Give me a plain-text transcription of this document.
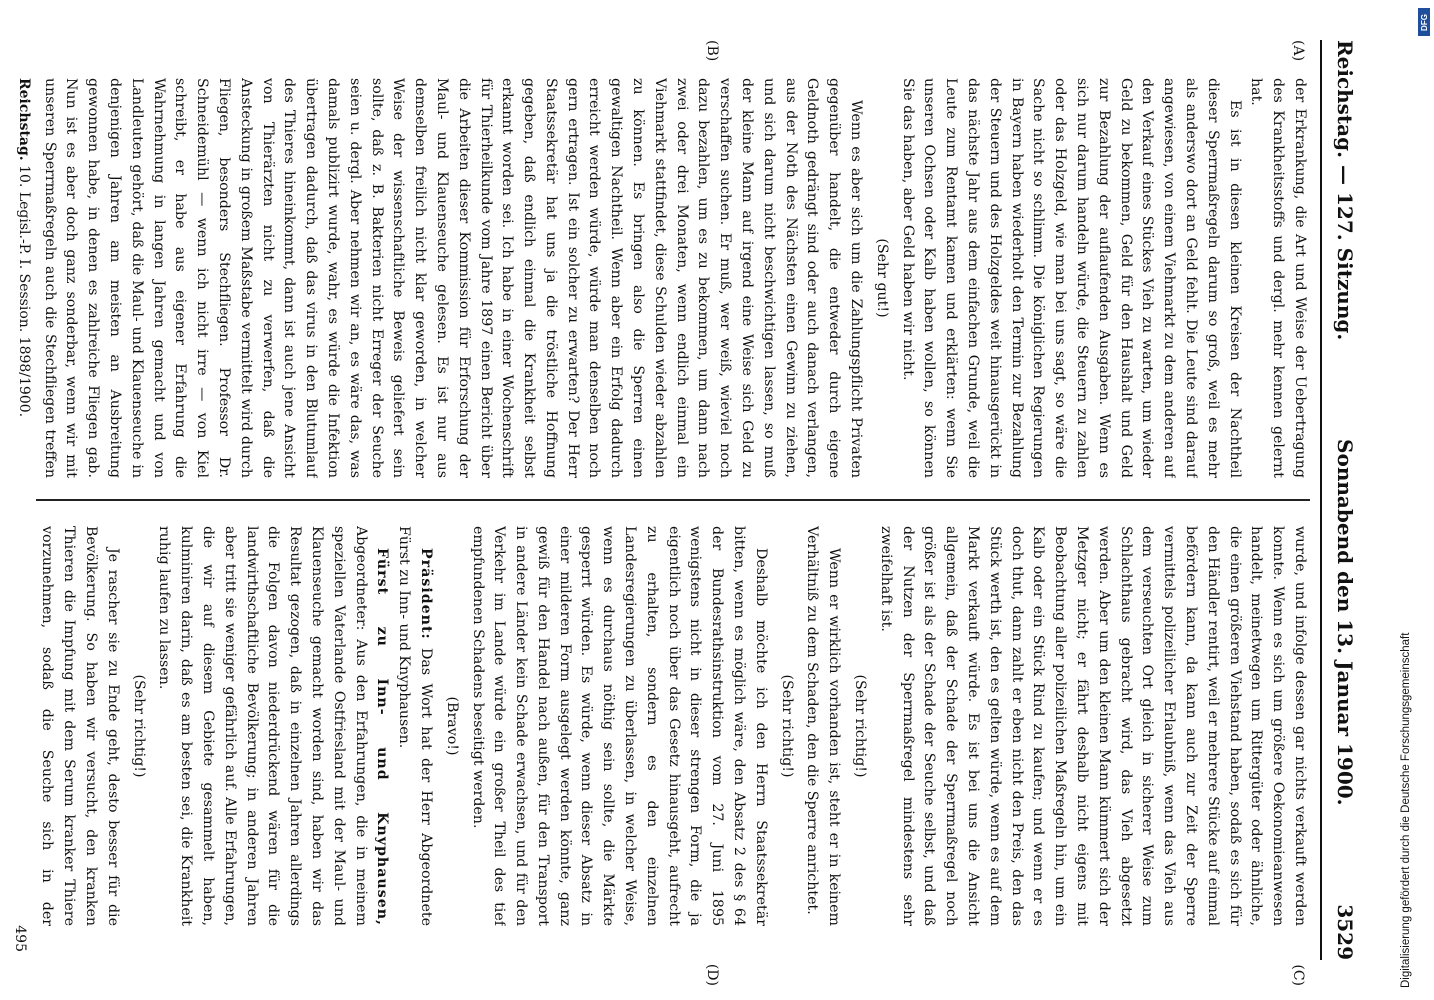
Reichstag. — 127. Sitzung.
Sonnabend den 13. Januar 1900.
3529
(A)
(B)
(C)
(D)

der Erkrankung, die Art und Weise der Uebertragung des Krankheitsstoffs und dergl. mehr kennen gelernt hat.

Es ist in diesen kleinen Kreisen der Nachtheil dieser Sperrmaßregeln darum so groß, weil es mehr als anderswo dort an Geld fehlt. Die Leute sind darauf angewiesen, von einem Viehmarkt zu dem anderen auf den Verkauf eines Stückes Vieh zu warten, um wieder Geld zu bekommen, Geld für den Haushalt und Geld zur Bezahlung der auflaufenden Ausgaben. Wenn es sich nur darum handeln würde, die Steuern zu zahlen oder das Holzgeld, wie man bei uns sagt, so wäre die Sache nicht so schlimm. Die königlichen Regierungen in Bayern haben wiederholt den Termin zur Bezahlung der Steuern und des Holzgeldes weit hinausgerückt in das nächste Jahr aus dem einfachen Grunde, weil die Leute zum Rentamt kamen und erklärten: wenn Sie unseren Ochsen oder Kalb haben wollen, so können Sie das haben, aber Geld haben wir nicht.

(Sehr gut!)

Wenn es aber sich um die Zahlungspflicht Privaten gegenüber handelt, die entweder durch eigene Geldnoth gedrängt sind oder auch danach verlangen, aus der Noth des Nächsten einen Gewinn zu ziehen, und sich darum nicht beschwichtigen lassen, so muß der kleine Mann auf irgend eine Weise sich Geld zu verschaffen suchen. Er muß, wer weiß, wieviel noch dazu bezahlen, um es zu bekommen, um dann nach zwei oder drei Monaten, wenn endlich einmal ein Viehmarkt stattfindet, diese Schulden wieder abzahlen zu können. Es bringen also die Sperren einen gewaltigen Nachtheil. Wenn aber ein Erfolg dadurch erreicht werden würde, würde man denselben noch gern ertragen. Ist ein solcher zu erwarten? Der Herr Staatssekretär hat uns ja die tröstliche Hoffnung gegeben, daß endlich einmal die Krankheit selbst erkannt worden sei. Ich habe in einer Wochenschrift für Thierheilkunde vom Jahre 1897 einen Bericht über die Arbeiten dieser Kommission für Erforschung der Maul- und Klauenseuche gelesen. Es ist nur aus demselben freilich nicht klar geworden, in welcher Weise der wissenschaftliche Beweis geliefert sein sollte, daß z. B. Bakterien nicht Erreger der Seuche seien u. dergl. Aber nehmen wir an, es wäre das, was damals publizirt wurde, wahr, es würde die Infektion übertragen dadurch, daß das virus in den Blutumlauf des Thieres hineinkommt, dann ist auch jene Ansicht von Thierärzten nicht zu verwerfen, daß die Ansteckung in großem Maßstabe vermittelt wird durch Fliegen, besonders Stechfliegen. Professor Dr. Schneidemühl — wenn ich nicht irre — von Kiel schreibt, er habe aus eigener Erfahrung die Wahrnehmung in langen Jahren gemacht und von Landleuten gehört, daß die Maul- und Klauenseuche in denjenigen Jahren am meisten an Ausbreitung gewonnen habe, in denen es zahlreiche Fliegen gab. Nun ist es aber doch ganz sonderbar, wenn wir mit unseren Sperrmaßregeln auch die Stechfliegen treffen

wurde, und infolge dessen gar nichts verkauft werden konnte. Wenn es sich um größere Oekonomieanwesen handelt, meinetwegen um Rittergüter oder ähnliche, die einen größeren Viehstand haben, sodaß es sich für den Händler rentirt, weil er mehrere Stücke auf einmal befördern kann, da kann auch zur Zeit der Sperre vermittels polizeilicher Erlaubniß, wenn das Vieh aus dem verseuchten Ort gleich in sicherer Weise zum Schlachthaus gebracht wird, das Vieh abgesetzt werden. Aber um den kleinen Mann kümmert sich der Metzger nicht; er fährt deshalb nicht eigens mit Beobachtung aller polizeilichen Maßregeln hin, um ein Kalb oder ein Stück Rind zu kaufen; und wenn er es doch thut, dann zahlt er eben nicht den Preis, den das Stück werth ist, den es gelten würde, wenn es auf dem Markt verkauft würde. Es ist bei uns die Ansicht allgemein, daß der Schade der Sperrmaßregel noch größer ist als der Schade der Seuche selbst, und daß der Nutzen der Sperrmaßregel mindestens sehr zweifelhaft ist.

(Sehr richtig!)

Wenn er wirklich vorhanden ist, steht er in keinem Verhältniß zu dem Schaden, den die Sperre anrichtet.

(Sehr richtig!)

Deshalb möchte ich den Herrn Staatssekretär bitten, wenn es möglich wäre, den Absatz 2 des § 64 der Bundesrathsinstruktion vom 27. Juni 1895 wenigstens nicht in dieser strengen Form, die ja eigentlich noch über das Gesetz hinausgeht, aufrecht zu erhalten, sondern es den einzelnen Landesregierungen zu überlassen, in welcher Weise, wenn es durchaus nöthig sein sollte, die Märkte gesperrt würden. Es würde, wenn dieser Absatz in einer milderen Form ausgelegt werden könnte, ganz gewiß für den Handel nach außen, für den Transport in andere Länder kein Schade erwachsen, und für den Verkehr im Lande würde ein großer Theil des tief empfundenen Schadens beseitigt werden.

(Bravo!)

Präsident: Das Wort hat der Herr Abgeordnete Fürst zu Inn- und Knyphausen.

Fürst zu Inn- und Knyphausen, Abgeordneter: Aus den Erfahrungen, die in meinem speziellen Vaterlande Ostfriesland mit der Maul- und Klauenseuche gemacht worden sind, haben wir das Resultat gezogen, daß in einzelnen Jahren allerdings die Folgen davon niederdrückend wären für die landwirthschaftliche Bevölkerung; in anderen Jahren aber tritt sie weniger gefährlich auf. Alle Erfahrungen, die wir auf diesem Gebiete gesammelt haben, kulminiren darin, daß es am besten sei, die Krankheit ruhig laufen zu lassen.

(Sehr richtig!)

Je rascher sie zu Ende geht, desto besser für die Bevölkerung. So haben wir versucht, den kranken Thieren die Impfung mit dem Serum kranker Thiere vorzunehmen, sodaß die Seuche sich in der

Reichstag. 10. Legisl.-P. I. Session. 1898/1900.
495	Digitalisierung gefördert durch die Deutsche Forschungsgemeinschaft
DFG
